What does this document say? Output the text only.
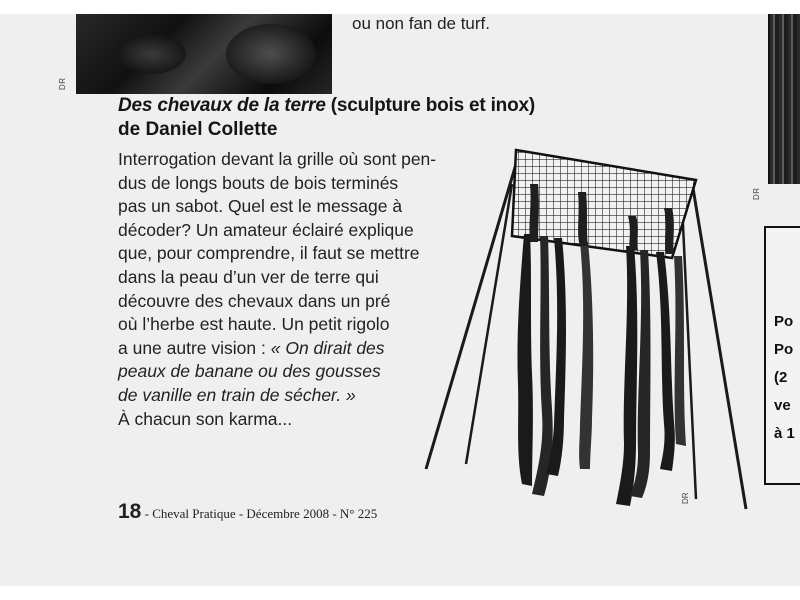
DR
ou non fan de turf.
DR
Po
Po
(2
ve
à 1
Des chevaux de la terre (sculpture bois et inox)
de Daniel Collette
Interrogation devant la grille où sont pen-
dus de longs bouts de bois terminés
pas un sabot. Quel est le message à
décoder? Un amateur éclairé explique
que, pour comprendre, il faut se mettre
dans la peau d’un ver de terre qui
découvre des chevaux dans un pré
où l’herbe est haute. Un petit rigolo
a une autre vision : « On dirait des
peaux de banane ou des gousses
de vanille en train de sécher. »
À chacun son karma...
DR
18 - Cheval Pratique - Décembre 2008 - N° 225
